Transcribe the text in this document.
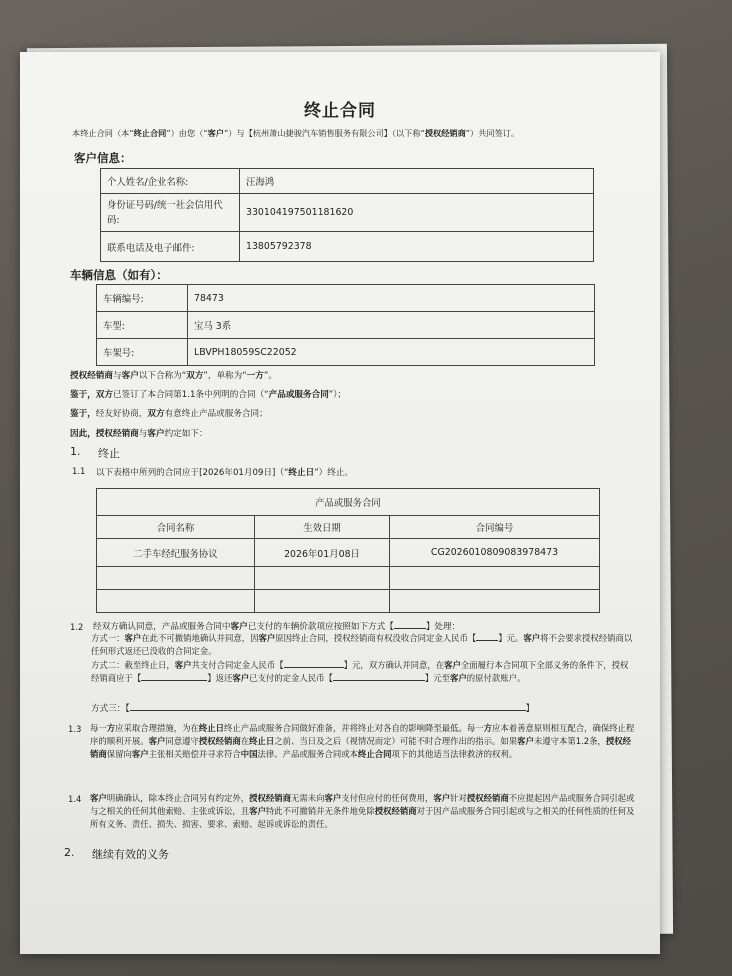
终止合同
本终止合同（本“终止合同”）由您（“客户”）与【杭州萧山捷骏汽车销售服务有限公司】（以下称“授权经销商”）共同签订。
客户信息：
个人姓名/企业名称:	汪海鸿
身份证号码/统一社会信用代码:	330104197501181620
联系电话及电子邮件:	13805792378
车辆信息（如有）：
车辆编号:	78473
车型:	宝马 3系
车架号:	LBVPH18059SC22052
授权经销商与客户以下合称为“双方”，单称为“一方”。
鉴于，双方已签订了本合同第1.1条中列明的合同（“产品或服务合同”）；
鉴于，经友好协商，双方有意终止产品或服务合同；
因此，授权经销商与客户约定如下：
1. 终止
1.1 以下表格中所列的合同应于[2026年01月09日]（“终止日”）终止。
产品或服务合同		
合同名称	生效日期	合同编号
二手车经纪服务协议	2026年01月08日	CG20260108090839784​73

1.2 经双方确认同意，产品或服务合同中客户已支付的车辆价款项应按照如下方式【	】处理：
方式一：客户在此不可撤销地确认并同意，因客户原因终止合同，授权经销商有权没收合同定金人民币【	】元。客户将不会要求授权经销商以任何形式返还已没收的合同定金。
方式二：截至终止日，客户共支付合同定金人民币【	】元，双方确认并同意，在客户全面履行本合同项下全部义务的条件下，授权经销商应于【	】返还客户已支付的定金人民币【	】元至客户的原付款账户。
方式三：【	】
1.3 每一方应采取合理措施，为在终止日终止产品或服务合同做好准备，并将终止对各自的影响降至最低。每一方应本着善意原则相互配合，确保终止程序的顺利开展。客户同意遵守授权经销商在终止日之前、当日及之后（视情况而定）可能不时合理作出的指示。如果客户未遵守本第1.2条，授权经销商保留向客户主张相关赔偿并寻求符合中国法律、产品或服务合同或本终止合同项下的其他适当法律救济的权利。
1.4 客户明确确认，除本终止合同另有约定外，授权经销商无需未向客户支付但应付的任何费用，客户针对授权经销商不应提起因产品或服务合同引起或与之相关的任何其他索赔、主张或诉讼，且客户特此不可撤销并无条件地免除授权经销商对于因产品或服务合同引起或与之相关的任何性质的任何及所有义务、责任、损失、损害、要求、索赔、起诉或诉讼的责任。
2. 继续有效的义务
